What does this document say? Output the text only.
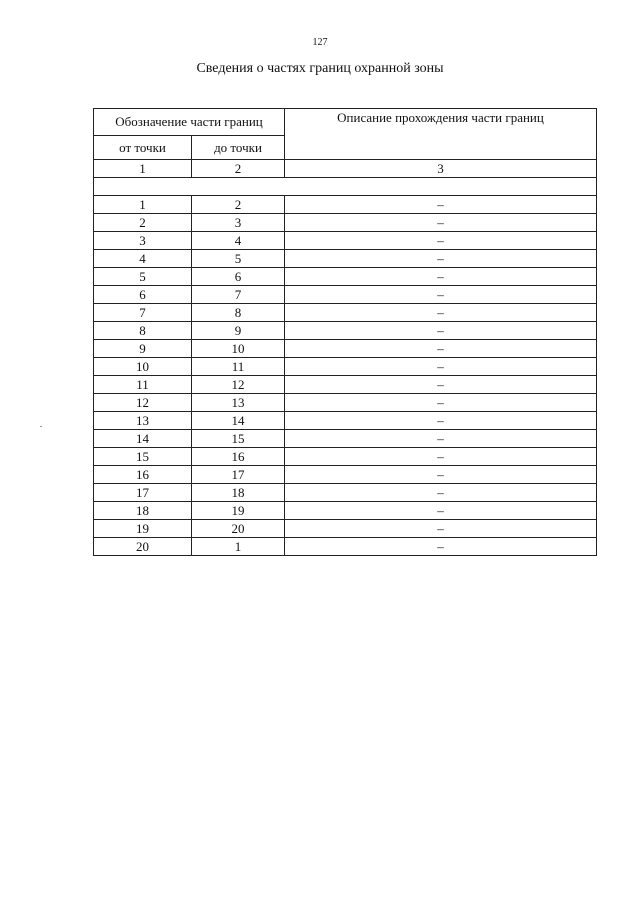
127
Сведения о частях границ охранной зоны
Обозначение части границ		Описание прохождения части границ
от точки	до точки	
1	2	3

1	2	–
2	3	–
3	4	–
4	5	–
5	6	–
6	7	–
7	8	–
8	9	–
9	10	–
10	11	–
11	12	–
12	13	–
13	14	–
14	15	–
15	16	–
16	17	–
17	18	–
18	19	–
19	20	–
20	1	–
